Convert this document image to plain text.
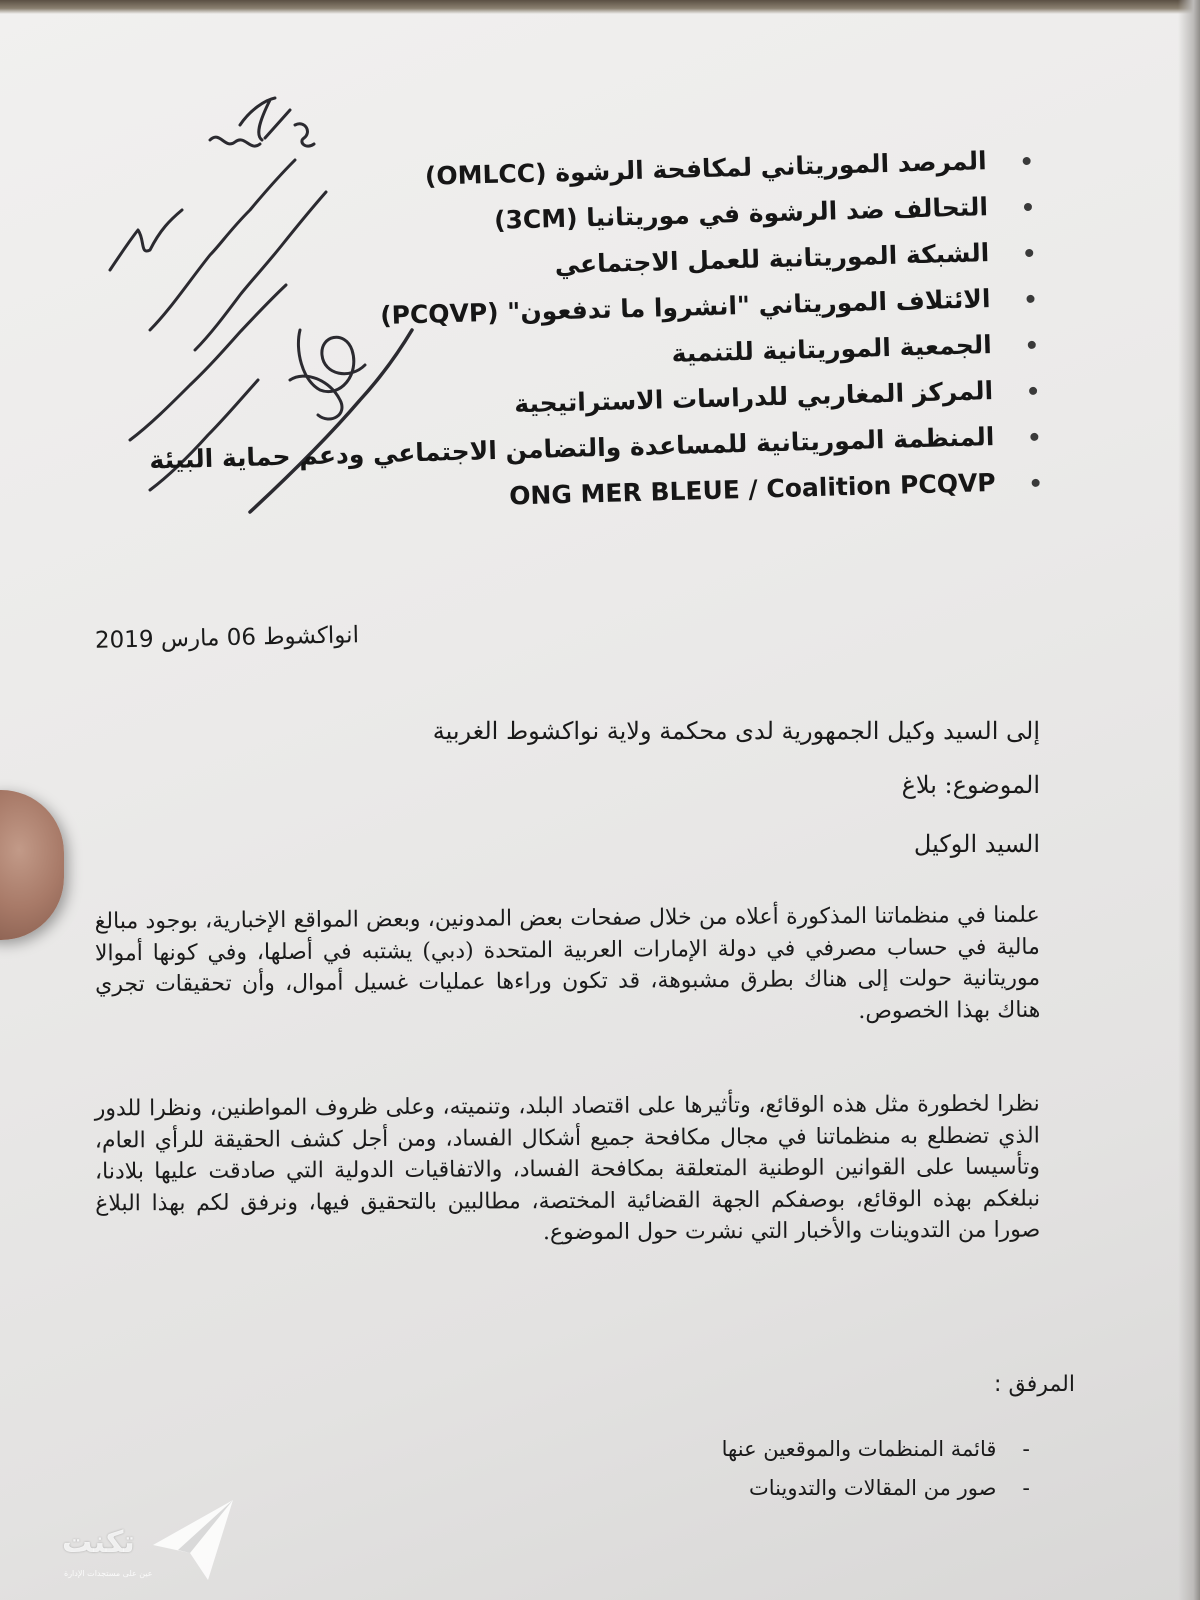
المرصد الموريتاني لمكافحة الرشوة (OMLCC)
التحالف ضد الرشوة في موريتانيا (3CM)
الشبكة الموريتانية للعمل الاجتماعي
الائتلاف الموريتاني "انشروا ما تدفعون" (PCQVP)
الجمعية الموريتانية للتنمية
المركز المغاربي للدراسات الاستراتيجية
المنظمة الموريتانية للمساعدة والتضامن الاجتماعي ودعم حماية البيئة
ONG MER BLEUE / Coalition PCQVP
انواكشوط 06 مارس 2019
إلى السيد وكيل الجمهورية لدى محكمة ولاية نواكشوط الغربية
الموضوع: بلاغ
السيد الوكيل
علمنا في منظماتنا المذكورة أعلاه من خلال صفحات بعض المدونين، وبعض المواقع الإخبارية، بوجود مبالغ مالية في حساب مصرفي في دولة الإمارات العربية المتحدة (دبي) يشتبه في أصلها، وفي كونها أموالا موريتانية حولت إلى هناك بطرق مشبوهة، قد تكون وراءها عمليات غسيل أموال، وأن تحقيقات تجري هناك بهذا الخصوص.
نظرا لخطورة مثل هذه الوقائع، وتأثيرها على اقتصاد البلد، وتنميته، وعلى ظروف المواطنين، ونظرا للدور الذي تضطلع به منظماتنا في مجال مكافحة جميع أشكال الفساد، ومن أجل كشف الحقيقة للرأي العام، وتأسيسا على القوانين الوطنية المتعلقة بمكافحة الفساد، والاتفاقيات الدولية التي صادقت عليها بلادنا، نبلغكم بهذه الوقائع، بوصفكم الجهة القضائية المختصة، مطالبين بالتحقيق فيها، ونرفق لكم بهذا البلاغ صورا من التدوينات والأخبار التي نشرت حول الموضوع.
المرفق :
-قائمة المنظمات والموقعين عنها
-صور من المقالات والتدوينات
تكنت
عين على مستجدات الإدارة
